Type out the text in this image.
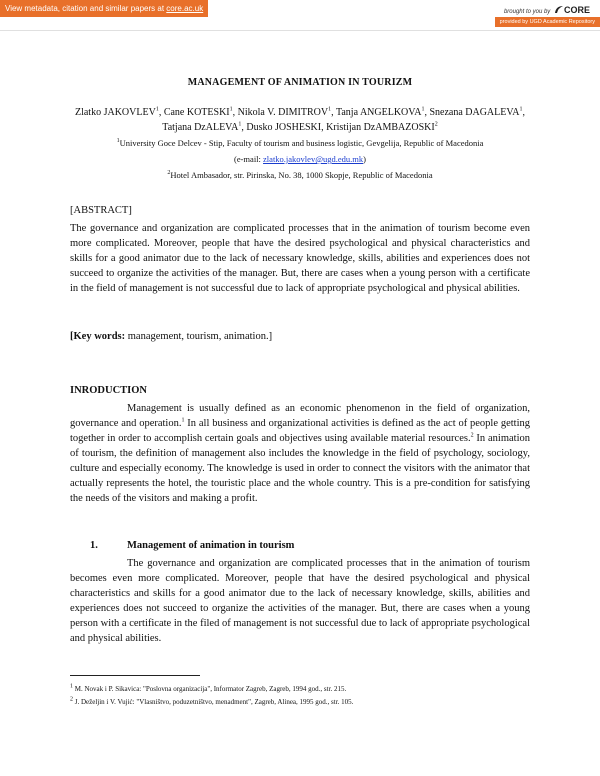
View metadata, citation and similar papers at core.ac.uk	brought to you by CORE
provided by UGD Academic Repository
MANAGEMENT OF ANIMATION IN TOURIZM
Zlatko JAKOVLEV$^1$, Cane KOTESKI$^1$, Nikola V. DIMITROV$^1$, Tanja ANGELKOVA$^1$, Snezana DAGALEVA$^1$, Tatjana DzALEVA$^1$, Dusko JOSHESKI, Kristijan DzAMBAZOSKI$^2$
$^1$University Goce Delcev - Stip, Faculty of tourism and business logistic, Gevgelija, Republic of Macedonia
(e-mail: zlatko.jakovlev@ugd.edu.mk)
$^2$Hotel Ambasador, str. Pirinska, No. 38, 1000 Skopje, Republic of Macedonia
[ABSTRACT]

The governance and organization are complicated processes that in the animation of tourism become even more complicated. Moreover, people that have the desired psychological and physical characteristics and skills for a good animator due to the lack of necessary knowledge, skills, abilities and experiences does not succeed to organize the activities of the manager. But, there are cases when a young person with a certificate in the field of management is not successful due to lack of appropriate psychological and physical abilities.

[Key words: management, tourism, animation.]
INRODUCTION

Management is usually defined as an economic phenomenon in the field of organization, governance and operation.$^1$ In all business and organizational activities is defined as the act of people getting together in order to accomplish certain goals and objectives using available material resources.$^2$ In animation of tourism, the definition of management also includes the knowledge in the field of psychology, sociology, culture and especially economy. The knowledge is used in order to connect the visitors with the animator that actually represents the hotel, the touristic place and the whole country. This is a pre-condition for satisfying the needs of the visitors and making a profit.

1.	Management of animation in tourism

The governance and organization are complicated processes that in the animation of tourism becomes even more complicated. Moreover, people that have the desired psychological and physical characteristics and skills for a good animator due to the lack of necessary knowledge, skills, abilities and experiences does not succeed to organize the activities of the manager. But, there are cases when a young person with a certificate in the filed of management is not successful due to lack of appropriate psychological and physical abilities.

$^1$ M. Novak i P. Sikavica: "Poslovna organizacija", Informator Zagreb, Zagreb, 1994 god., str. 215.
$^2$ J. Deželjin i V. Vujić: "Vlasništvo, poduzetništvo, menadment", Zagreb, Alinea, 1995 god., str. 105.
